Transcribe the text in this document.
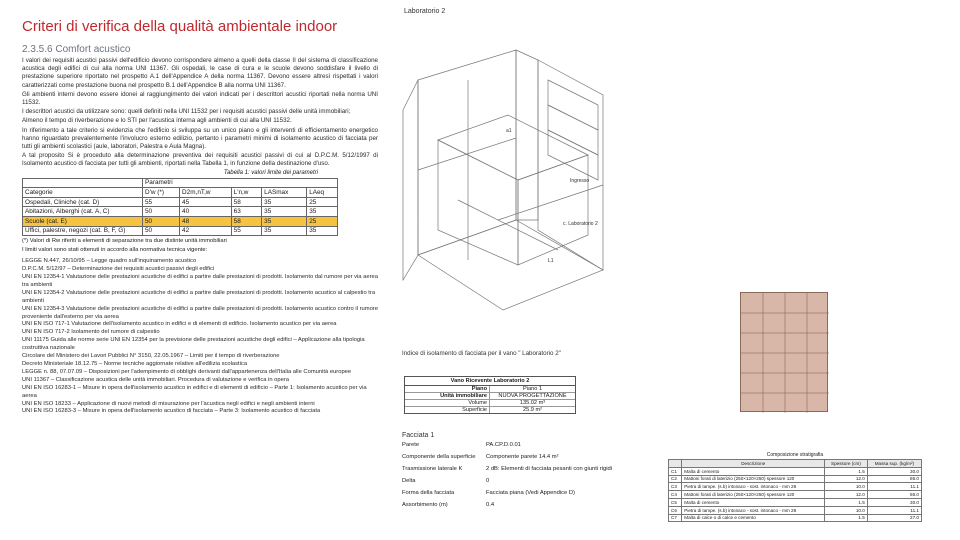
Criteri di verifica della qualità ambientale indoor
2.3.5.6 Comfort acustico
I valori dei requisiti acustici passivi dell'edificio devono corrispondere almeno a quelli della classe II del sistema di classificazione acustica degli edifici di cui alla norma UNI 11367. Gli ospedali, le case di cura e le scuole devono soddisfare il livello di prestazione superiore riportato nel prospetto A.1 dell'Appendice A della norma 11367. Devono essere altresì rispettati i valori caratterizzati come prestazione buona nel prospetto B.1 dell'Appendice B alla norma UNI 11367.
Gli ambienti interni devono essere idonei al raggiungimento dei valori indicati per i descrittori acustici riportati nella norma UNI 11532.
I descrittori acustici da utilizzare sono: quelli definiti nella UNI 11532 per i requisiti acustici passivi delle unità immobiliari;
Almeno il tempo di riverberazione e lo STI per l'acustica interna agli ambienti di cui alla UNI 11532.
In riferimento a tale criterio si evidenzia che l'edificio si sviluppa su un unico piano e gli interventi di efficientamento energetico hanno riguardato prevalentemente l'involucro esterno edilizio, pertanto i parametri minimi di isolamento acustico di facciata per tutti gli ambienti scolastici (aule, laboratori, Palestra e Aula Magna).
A tal proposito Si è proceduto alla determinazione preventiva dei requisiti acustici passivi di cui al D.P.C.M. 5/12/1997 di Isolamento acustico di facciata per tutti gli ambienti, riportati nella Tabella 1, in funzione della destinazione d'uso.
Tabella 1: valori limite dei parametri
	Parametri				
Categorie	D'w (*)	D2m,nT,w	L'n,w	LASmax	LAeq
Ospedali, Cliniche (cat. D)	55	45	58	35	25
Abitazioni, Alberghi (cat. A, C)	50	40	63	35	35
Scuole (cat. E)	50	48	58	35	25
Uffici, palestre, negozi (cat. B, F, G)	50	42	55	35	35
(*) Valori di Rw riferiti a elementi di separazione tra due distinte unità immobiliari
I limiti valori sono stati ottenuti in accordo alla normativa tecnica vigente:
LEGGE N.447, 26/10/95 – Legge quadro sull'inquinamento acustico
D.P.C.M. 5/12/97 – Determinazione dei requisiti acustici passivi degli edifici
UNI EN 12354-1 Valutazione delle prestazioni acustiche di edifici a partire dalle prestazioni di prodotti. Isolamento dal rumore per via aerea tra ambienti
UNI EN 12354-2 Valutazione delle prestazioni acustiche di edifici a partire dalle prestazioni di prodotti. Isolamento acustico al calpestio tra ambienti
UNI EN 12354-3 Valutazione delle prestazioni acustiche di edifici a partire dalle prestazioni di prodotti. Isolamento acustico contro il rumore proveniente dall'esterno per via aerea
UNI EN ISO 717-1 Valutazione dell'isolamento acustico in edifici e di elementi di edificio. Isolamento acustico per via aerea
UNI EN ISO 717-2 Isolamento del rumore di calpestio
UNI 11175 Guida alle norme serie UNI EN 12354 per la previsione delle prestazioni acustiche degli edifici – Applicazione alla tipologia costruttiva nazionale
Circolare del Ministero dei Lavori Pubblici N° 3150, 22.05.1967 – Limiti per il tempo di riverberazione
Decreto Ministeriale 18.12.75 – Norme tecniche aggiornate relative all'edilizia scolastica
LEGGE n. 88, 07.07.09 – Disposizioni per l'adempimento di obblighi derivanti dall'appartenenza dell'Italia alle Comunità europee
UNI 11367 – Classificazione acustica delle unità immobiliari. Procedura di valutazione e verifica in opera
UNI EN ISO 16283-1 – Misure in opera dell'isolamento acustico in edifici e di elementi di edificio – Parte 1: Isolamento acustico per via aerea
UNI EN ISO 18233 – Applicazione di nuovi metodi di misurazione per l'acustica negli edifici e negli ambienti interni
UNI EN ISO 16283-3 – Misure in opera dell'isolamento acustico di facciata – Parte 3: Isolamento acustico di facciata
Laboratorio 2
a1
Ingresso
c. Laboratorio 2
L1
Indice di isolamento di facciata per il vano " Laboratorio 2"
Vano Ricevente Laboratorio 2
Piano	Piano 1
Unità immobiliare	NUOVA PROGETTAZIONE
Volume	135.02 m³
Superficie	25.9 m²
Facciata 1
Parete	PA.CP.D.0.01
Componente della superficie	Componente parete 14.4 m²
Trasmissione laterale K	2 dB: Elementi di facciata pesanti con giunti rigidi
Delta	0
Forma della facciata	Facciata piana (Vedi Appendice D)
Assorbimento (m)	0.4
Composizione stratigrafia
	Descrizione	Spessore (cm)	Massa sup. (kg/m²)
C1	Malta di cemento	1.5	30.0
C2	Mattoni forati di laterizio (250×120×250) spessore 120	12.0	86.0
C3	Pietra di tampe. (s.b) intonaco - sost. intonaco - mm 28	10.0	11.1
C4	Mattoni forati di laterizio (250×120×250) spessore 120	12.0	86.0
C5	Malta di cemento	1.5	30.0
C6	Pietra di tampe. (s.b) intonaco - sost. intonaco - mm 28	10.0	11.1
C7	Malta di calce o di calce e cemento	1.5	27.0
